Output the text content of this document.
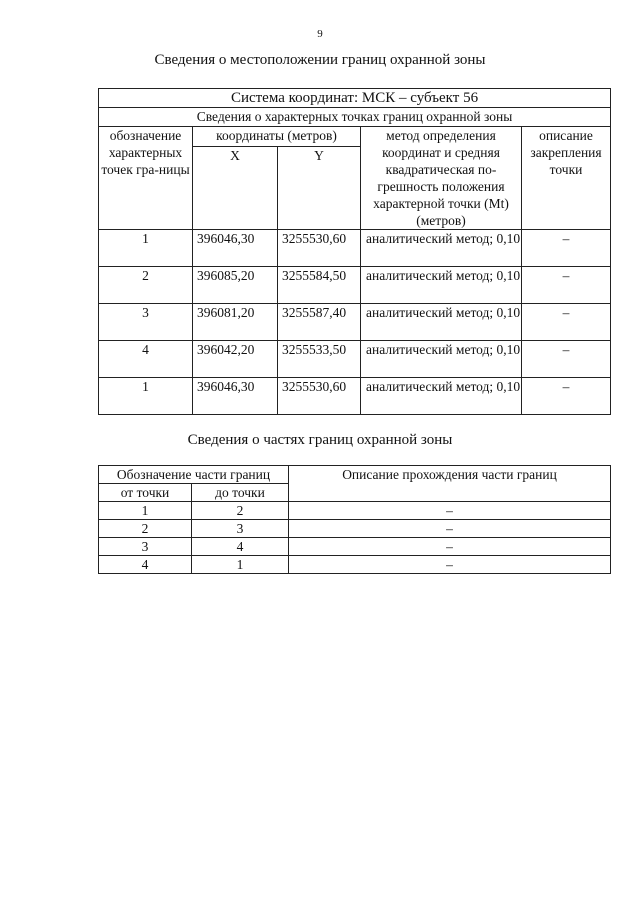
9
Сведения о местоположении границ охранной зоны
Система координат: МСК – субъект 56				
Сведения о характерных точках границ охранной зоны				
обозначение характерных точек гра-ницы	координаты (метров)		метод определения координат и средняя квадратическая по-грешность положения характерной точки (Mt) (метров)	описание закрепления точки
	X	Y		
1	396046,30	3255530,60	аналитический метод; 0,10	–
2	396085,20	3255584,50	аналитический метод; 0,10	–
3	396081,20	3255587,40	аналитический метод; 0,10	–
4	396042,20	3255533,50	аналитический метод; 0,10	–
1	396046,30	3255530,60	аналитический метод; 0,10	–
Сведения о частях границ охранной зоны
Обозначение части границ		Описание прохождения части границ
от точки	до точки	
1	2	–
2	3	–
3	4	–
4	1	–
